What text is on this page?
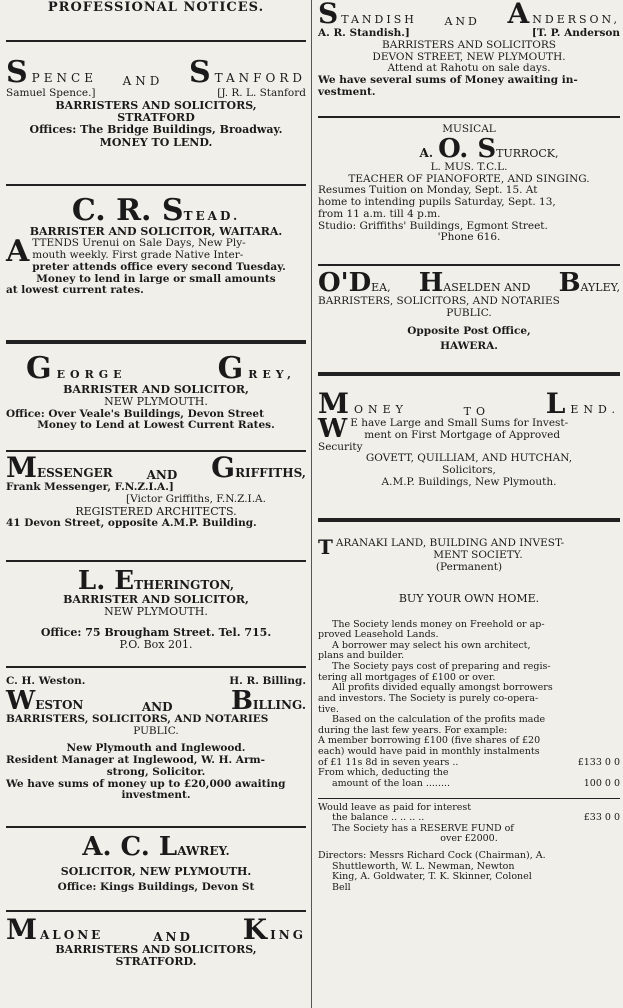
PROFESSIONAL NOTICES.
SPENCE AND STANFORD
Samuel Spence.]	[J. R. L. Stanford
BARRISTERS AND SOLICITORS,
STRATFORD
Offices: The Bridge Buildings, Broadway.
MONEY TO LEND.
C. R. STEAD.
BARRISTER AND SOLICITOR, WAITARA.
ATTENDS Urenui on Sale Days, New Ply-
mouth weekly. First grade Native Inter-
preter attends office every second Tuesday.
Money to lend in large or small amounts
at lowest current rates.
GEORGE	GREY,
BARRISTER AND SOLICITOR,
NEW PLYMOUTH.
Office: Over Veale's Buildings, Devon Street
Money to Lend at Lowest Current Rates.
MESSENGER	AND GRIFFITHS,
Frank Messenger, F.N.Z.I.A.]
[Victor Griffiths, F.N.Z.I.A.
REGISTERED ARCHITECTS.
41 Devon Street, opposite A.M.P. Building.
L. ETHERINGTON,
BARRISTER AND SOLICITOR,
NEW PLYMOUTH.
Office: 75 Brougham Street. Tel. 715.
P.O. Box 201.
C. H. Weston.	H. R. Billing.
WESTON	AND BILLING.
BARRISTERS, SOLICITORS, AND NOTARIES
PUBLIC.
New Plymouth and Inglewood.
Resident Manager at Inglewood, W. H. Arm-
strong, Solicitor.
We have sums of money up to £20,000 awaiting
investment.
A. C. LAWREY.
SOLICITOR, NEW PLYMOUTH.
Office: Kings Buildings, Devon St
MALONE	AND KING
BARRISTERS AND SOLICITORS,
STRATFORD.
STANDISH	AND ANDERSON,
A. R. Standish.]	[T. P. Anderson
BARRISTERS AND SOLICITORS
DEVON STREET, NEW PLYMOUTH.
Attend at Rahotu on sale days.
We have several sums of Money awaiting in-
vestment.
MUSICAL
A. O. STURROCK,
L. MUS. T.C.L.
TEACHER OF PIANOFORTE, AND SINGING.
Resumes Tuition on Monday, Sept. 15. At
home to intending pupils Saturday, Sept. 13,
from 11 a.m. till 4 p.m.
Studio: Griffiths' Buildings, Egmont Street.
'Phone 616.
O'DEA, HASELDEN AND BAYLEY,
BARRISTERS, SOLICITORS, AND NOTARIES
PUBLIC.
Opposite Post Office,
HAWERA.
MONEY	TO LEND.
W E have Large and Small Sums for Invest-
ment on First Mortgage of Approved
Security
GOVETT, QUILLIAM, AND HUTCHAN,
Solicitors,
A.M.P. Buildings, New Plymouth.
TARANAKI LAND, BUILDING AND INVEST-
MENT SOCIETY.
(Permanent)
BUY YOUR OWN HOME.
The Society lends money on Freehold or ap-
proved Leasehold Lands.
A borrower may select his own architect,
plans and builder.
The Society pays cost of preparing and regis-
tering all mortgages of £100 or over.
All profits divided equally amongst borrowers
and investors. The Society is purely co-opera-
tive.
Based on the calculation of the profits made
during the last few years. For example:
A member borrowing £100 (five shares of £20
each) would have paid in monthly instalments
of £1 11s 8d in seven years ..	£133 0 0
From which, deducting the
amount of the loan ........	100 0 0
Would leave as paid for interest
the balance .. .. .. ..	£33 0 0
The Society has a RESERVE FUND of
over £2000.
Directors: Messrs Richard Cock (Chairman), A.
Shuttleworth, W. L. Newman, Newton
King, A. Goldwater, T. K. Skinner, Colonel
Bell
